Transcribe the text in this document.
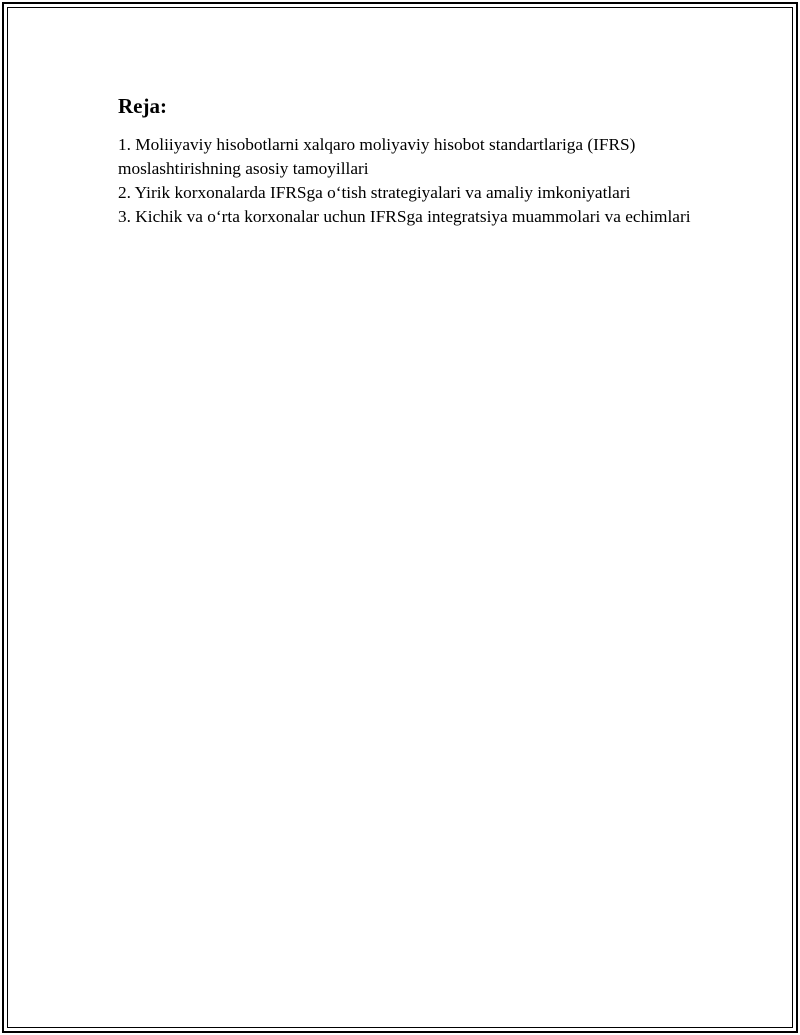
Reja:
1. Moliiyaviy hisobotlarni xalqaro moliyaviy hisobot standartlariga (IFRS) moslashtirishning asosiy tamoyillari
2. Yirik korxonalarda IFRSga o‘tish strategiyalari va amaliy imkoniyatlari
3. Kichik va o‘rta korxonalar uchun IFRSga integratsiya muammolari va echimlari
